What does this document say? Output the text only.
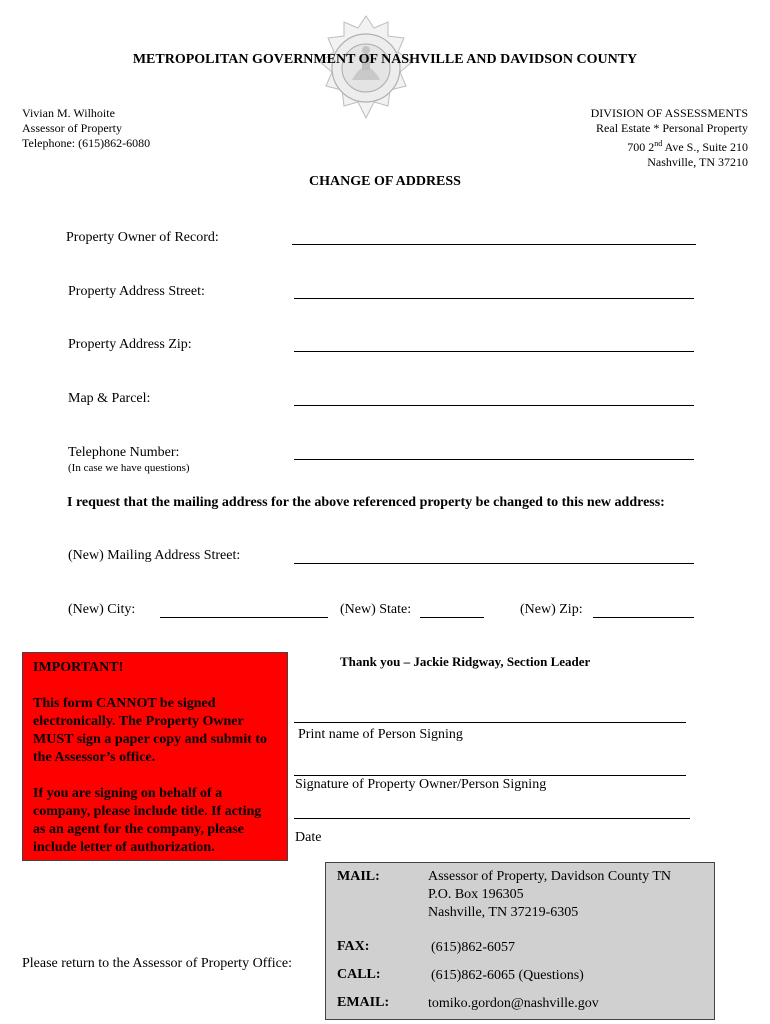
METROPOLITAN GOVERNMENT OF NASHVILLE AND DAVIDSON COUNTY
Vivian M. Wilhoite
Assessor of Property
Telephone: (615)862-6080
DIVISION OF ASSESSMENTS
Real Estate * Personal Property
700 2nd Ave S., Suite 210
Nashville, TN 37210
CHANGE OF ADDRESS
Property Owner of Record:
Property Address Street:
Property Address Zip:
Map & Parcel:
Telephone Number:
(In case we have questions)
I request that the mailing address for the above referenced property be changed to this new address:
(New) Mailing Address Street:
(New) City:	(New) State:	(New) Zip:

IMPORTANT!

This form CANNOT be signed electronically. The Property Owner MUST sign a paper copy and submit to the Assessor’s office.

If you are signing on behalf of a company, please include title. If acting as an agent for the company, please include letter of authorization.

Thank you – Jackie Ridgway, Section Leader
Print name of Person Signing
Signature of Property Owner/Person Signing
Date
Please return to the Assessor of Property Office:
MAIL:	Assessor of Property, Davidson County TN
P.O. Box 196305
Nashville, TN 37219-6305
FAX:	(615)862-6057
CALL:	(615)862-6065 (Questions)
EMAIL:	tomiko.gordon@nashville.gov
